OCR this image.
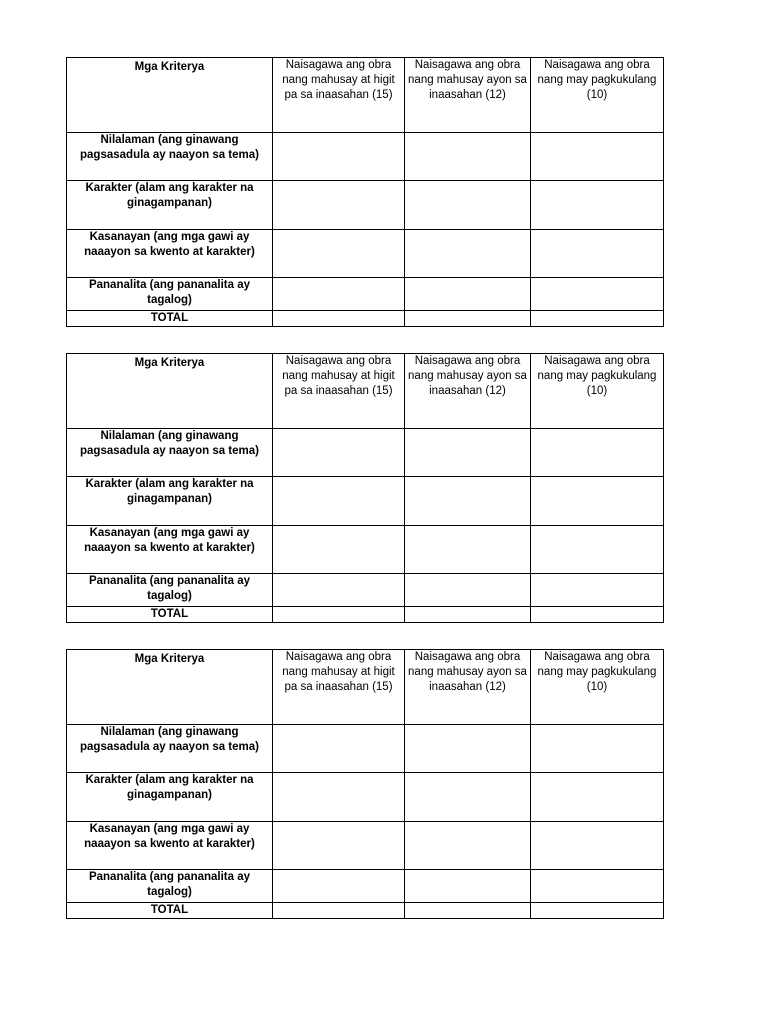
Mga Kriterya	Naisagawa ang obra nang mahusay at higit pa sa inaasahan (15)	Naisagawa ang obra nang mahusay ayon sa inaasahan (12)	Naisagawa ang obra nang may pagkukulang (10)
Nilalaman (ang ginawang pagsasadula ay naayon sa tema)			
Karakter (alam ang karakter na ginagampanan)			
Kasanayan (ang mga gawi ay naaayon sa kwento at karakter)			
Pananalita (ang pananalita ay tagalog)			
TOTAL			
Mga Kriterya	Naisagawa ang obra nang mahusay at higit pa sa inaasahan (15)	Naisagawa ang obra nang mahusay ayon sa inaasahan (12)	Naisagawa ang obra nang may pagkukulang (10)
Nilalaman (ang ginawang pagsasadula ay naayon sa tema)			
Karakter (alam ang karakter na ginagampanan)			
Kasanayan (ang mga gawi ay naaayon sa kwento at karakter)			
Pananalita (ang pananalita ay tagalog)			
TOTAL			
Mga Kriterya	Naisagawa ang obra nang mahusay at higit pa sa inaasahan (15)	Naisagawa ang obra nang mahusay ayon sa inaasahan (12)	Naisagawa ang obra nang may pagkukulang (10)
Nilalaman (ang ginawang pagsasadula ay naayon sa tema)			
Karakter (alam ang karakter na ginagampanan)			
Kasanayan (ang mga gawi ay naaayon sa kwento at karakter)			
Pananalita (ang pananalita ay tagalog)			
TOTAL			
